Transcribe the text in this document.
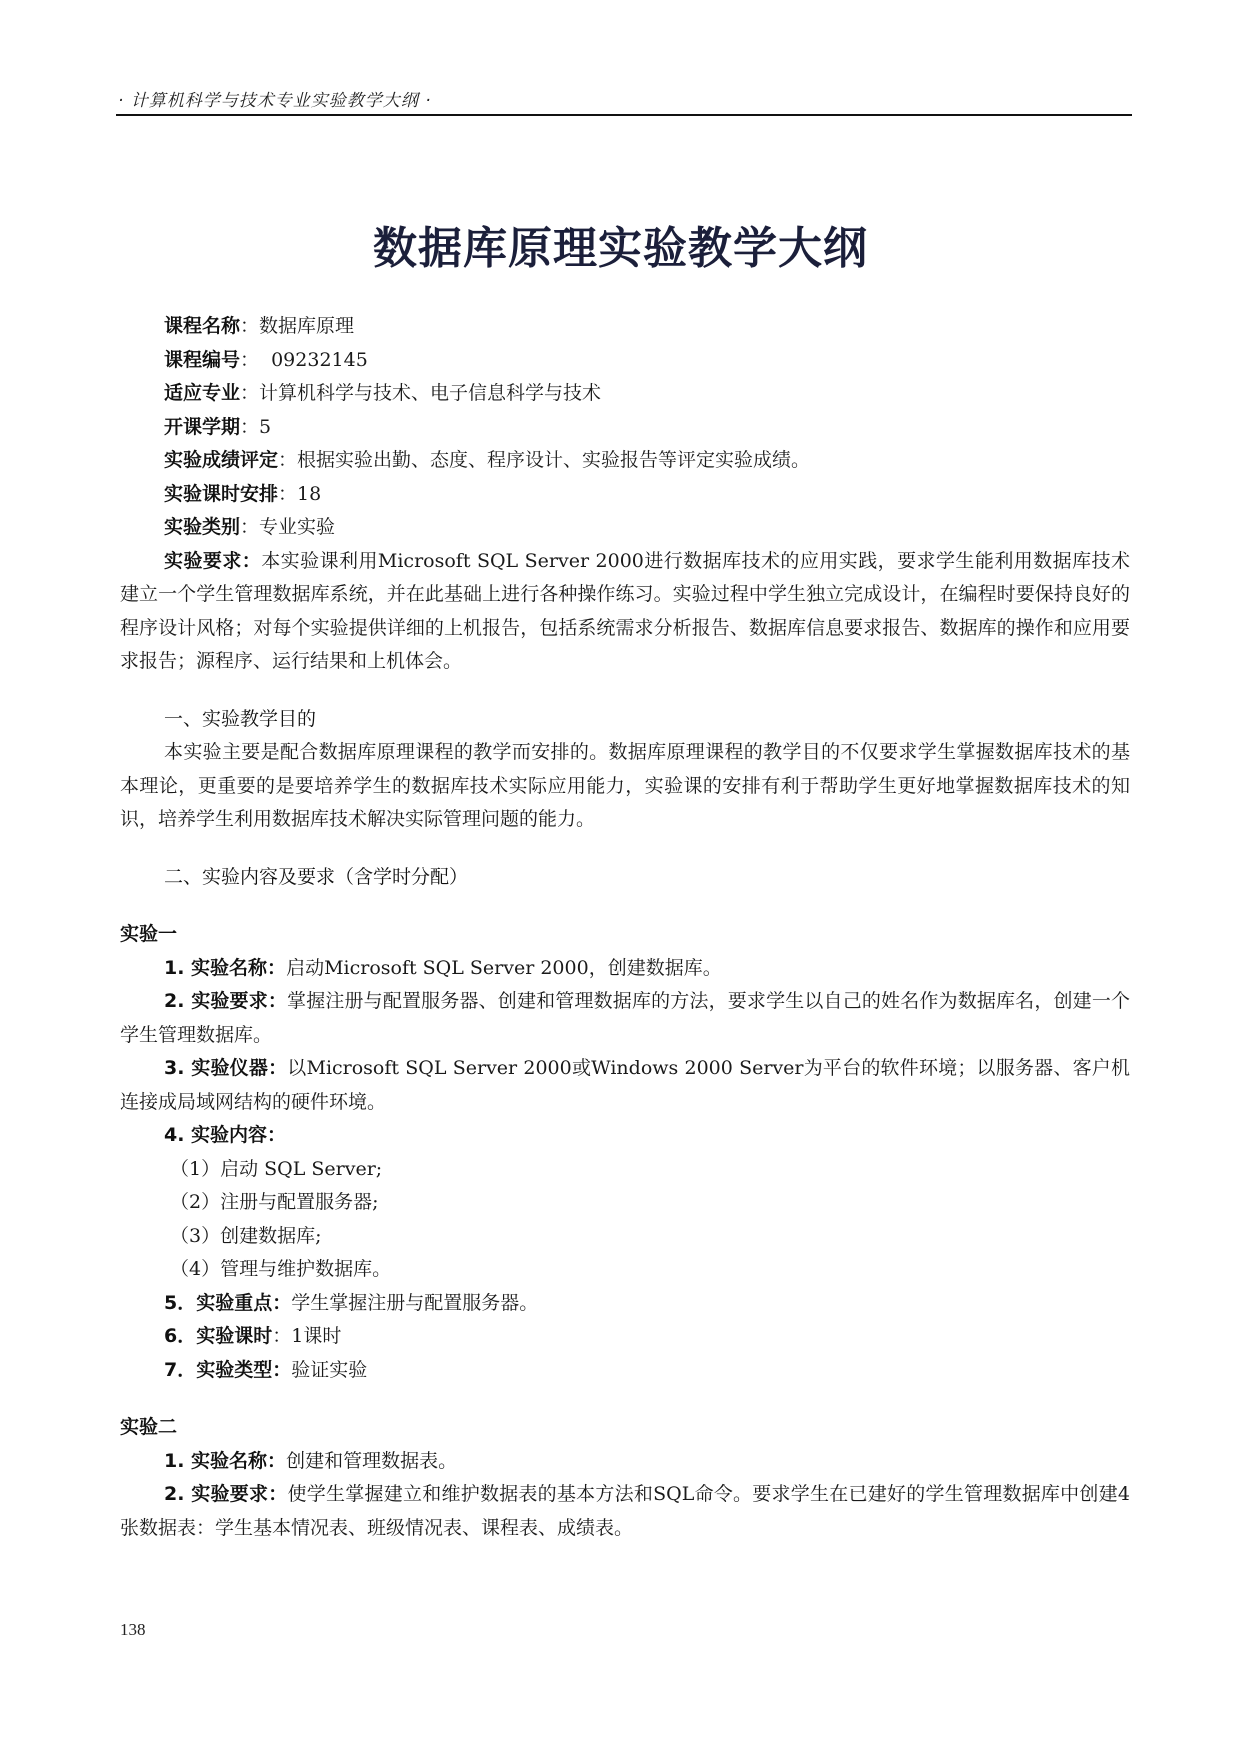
· 计算机科学与技术专业实验教学大纲 ·
数据库原理实验教学大纲
课程名称：数据库原理
课程编号：  09232145
适应专业：计算机科学与技术、电子信息科学与技术
开课学期：5
实验成绩评定：根据实验出勤、态度、程序设计、实验报告等评定实验成绩。
实验课时安排：18
实验类别：专业实验
实验要求：本实验课利用Microsoft SQL Server 2000进行数据库技术的应用实践，要求学生能利用数据库技术建立一个学生管理数据库系统，并在此基础上进行各种操作练习。实验过程中学生独立完成设计，在编程时要保持良好的程序设计风格；对每个实验提供详细的上机报告，包括系统需求分析报告、数据库信息要求报告、数据库的操作和应用要求报告；源程序、运行结果和上机体会。
一、实验教学目的
本实验主要是配合数据库原理课程的教学而安排的。数据库原理课程的教学目的不仅要求学生掌握数据库技术的基本理论，更重要的是要培养学生的数据库技术实际应用能力，实验课的安排有利于帮助学生更好地掌握数据库技术的知识，培养学生利用数据库技术解决实际管理问题的能力。
二、实验内容及要求（含学时分配）
实验一
1. 实验名称：启动Microsoft SQL Server 2000，创建数据库。
2. 实验要求：掌握注册与配置服务器、创建和管理数据库的方法，要求学生以自己的姓名作为数据库名，创建一个学生管理数据库。
3. 实验仪器：以Microsoft SQL Server 2000或Windows 2000 Server为平台的软件环境；以服务器、客户机连接成局域网结构的硬件环境。
4. 实验内容：
（1）启动 SQL Server;
（2）注册与配置服务器;
（3）创建数据库;
（4）管理与维护数据库。
5．实验重点：学生掌握注册与配置服务器。
6．实验课时：1课时
7．实验类型：验证实验
实验二
1. 实验名称：创建和管理数据表。
2. 实验要求：使学生掌握建立和维护数据表的基本方法和SQL命令。要求学生在已建好的学生管理数据库中创建4张数据表：学生基本情况表、班级情况表、课程表、成绩表。
138
